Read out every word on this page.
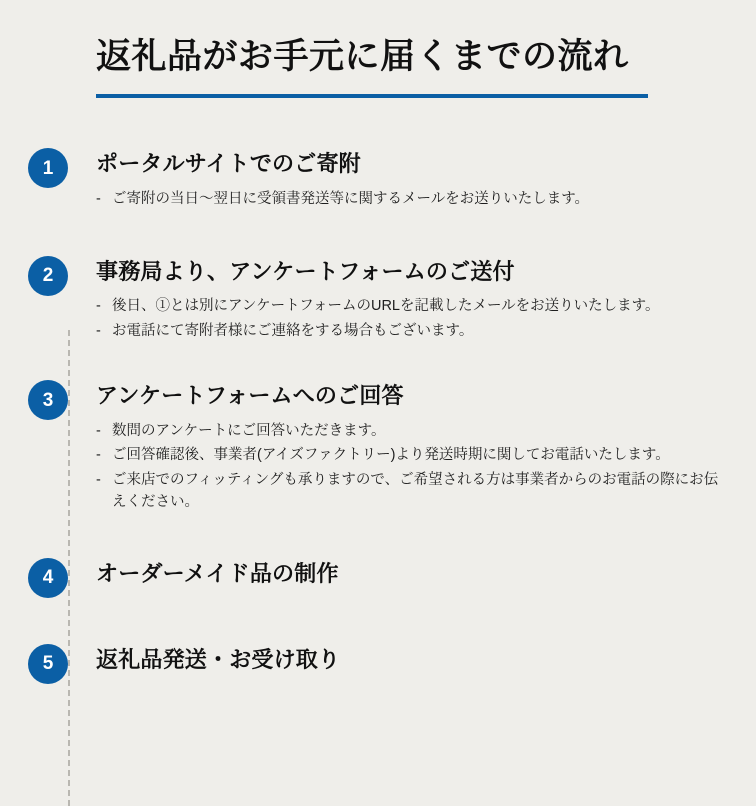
返礼品がお手元に届くまでの流れ
1	ポータルサイトでのご寄附
- ご寄附の当日〜翌日に受領書発送等に関するメールをお送りいたします。
2	事務局より、アンケートフォームのご送付
- 後日、①とは別にアンケートフォームのURLを記載したメールをお送りいたします。
- お電話にて寄附者様にご連絡をする場合もございます。
3	アンケートフォームへのご回答
- 数問のアンケートにご回答いただきます。
- ご回答確認後、事業者(アイズファクトリー)より発送時期に関してお電話いたします。
- ご来店でのフィッティングも承りますので、ご希望される方は事業者からのお電話の際にお伝えください。
4	オーダーメイド品の制作
5	返礼品発送・お受け取り
